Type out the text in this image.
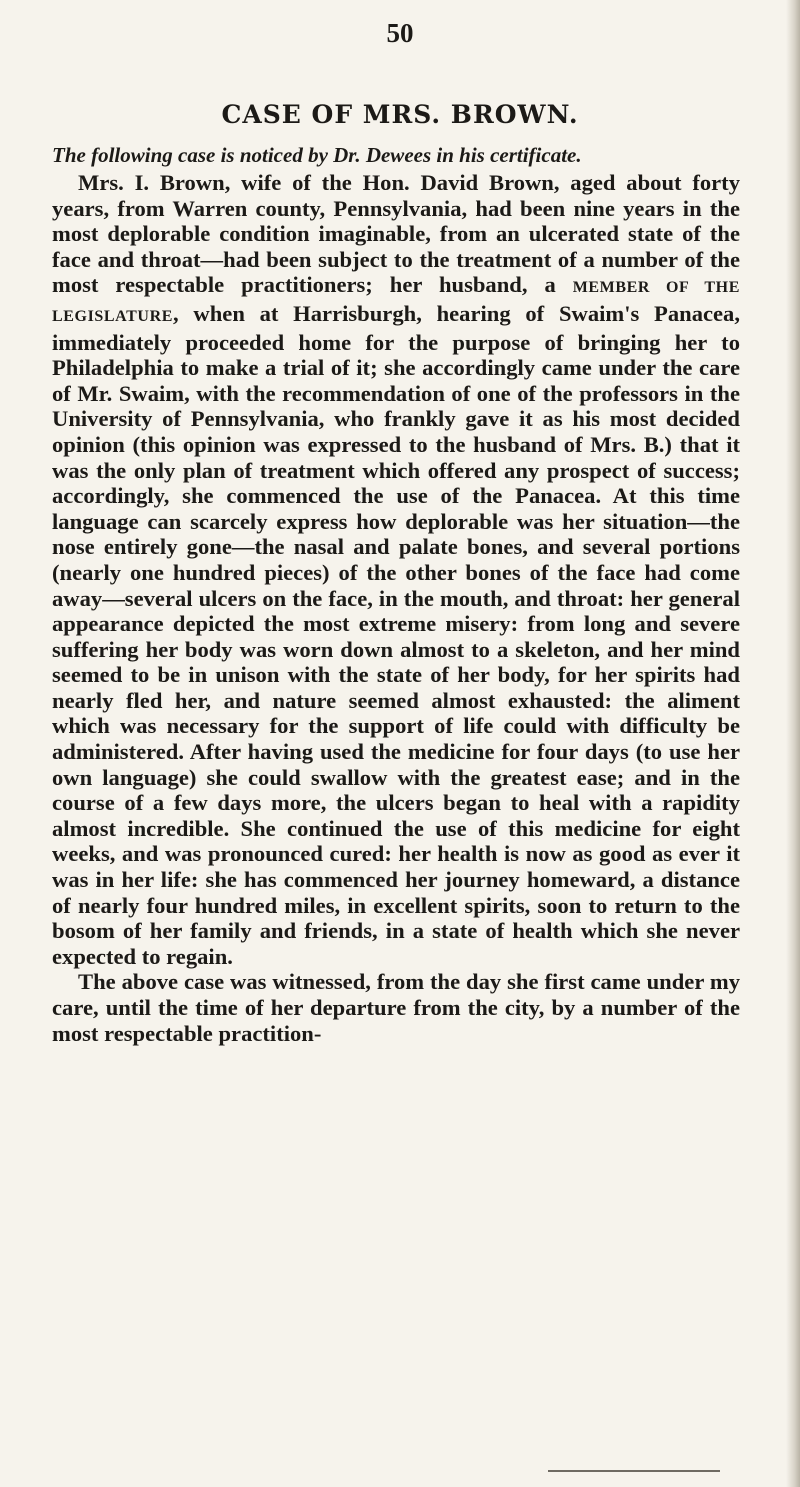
50
CASE OF MRS. BROWN.
The following case is noticed by Dr. Dewees in his certificate.

Mrs. I. Brown, wife of the Hon. David Brown, aged about forty years, from Warren county, Pennsylvania, had been nine years in the most deplorable condition imaginable, from an ulcerated state of the face and throat—had been subject to the treatment of a number of the most respectable practitioners; her husband, a MEMBER OF THE LEGISLATURE, when at Harrisburgh, hearing of Swaim's Panacea, immediately proceeded home for the purpose of bringing her to Philadelphia to make a trial of it; she accordingly came under the care of Mr. Swaim, with the recommendation of one of the professors in the University of Pennsylvania, who frankly gave it as his most decided opinion (this opinion was expressed to the husband of Mrs. B.) that it was the only plan of treatment which offered any prospect of success; accordingly, she commenced the use of the Panacea. At this time language can scarcely express how deplorable was her situation—the nose entirely gone—the nasal and palate bones, and several portions (nearly one hundred pieces) of the other bones of the face had come away—several ulcers on the face, in the mouth, and throat: her general appearance depicted the most extreme misery: from long and severe suffering her body was worn down almost to a skeleton, and her mind seemed to be in unison with the state of her body, for her spirits had nearly fled her, and nature seemed almost exhausted: the aliment which was necessary for the support of life could with difficulty be administered. After having used the medicine for four days (to use her own language) she could swallow with the greatest ease; and in the course of a few days more, the ulcers began to heal with a rapidity almost incredible. She continued the use of this medicine for eight weeks, and was pronounced cured: her health is now as good as ever it was in her life: she has commenced her journey homeward, a distance of nearly four hundred miles, in excellent spirits, soon to return to the bosom of her family and friends, in a state of health which she never expected to regain.

The above case was witnessed, from the day she first came under my care, until the time of her departure from the city, by a number of the most respectable practition-
